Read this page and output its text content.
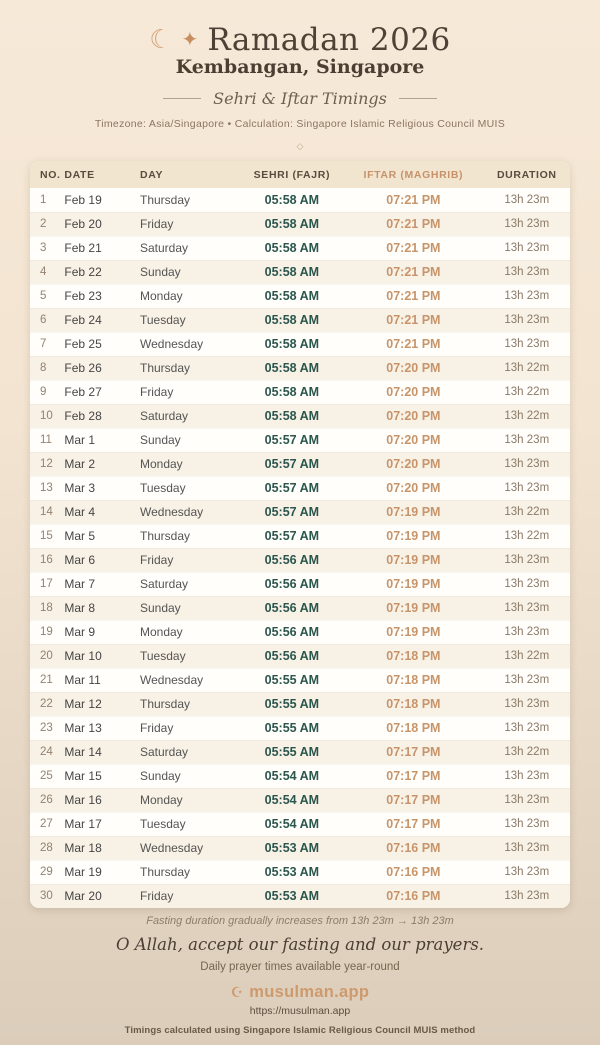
☾ ✦ Ramadan 2026
Kembangan, Singapore
Sehri & Iftar Timings
Timezone: Asia/Singapore • Calculation: Singapore Islamic Religious Council MUIS
◇
NO.	DATE	DAY	SEHRI (FAJR)	IFTAR (MAGHRIB)	DURATION
1	Feb 19	Thursday	05:58 AM	07:21 PM	13h 23m
2	Feb 20	Friday	05:58 AM	07:21 PM	13h 23m
3	Feb 21	Saturday	05:58 AM	07:21 PM	13h 23m
4	Feb 22	Sunday	05:58 AM	07:21 PM	13h 23m
5	Feb 23	Monday	05:58 AM	07:21 PM	13h 23m
6	Feb 24	Tuesday	05:58 AM	07:21 PM	13h 23m
7	Feb 25	Wednesday	05:58 AM	07:21 PM	13h 23m
8	Feb 26	Thursday	05:58 AM	07:20 PM	13h 22m
9	Feb 27	Friday	05:58 AM	07:20 PM	13h 22m
10	Feb 28	Saturday	05:58 AM	07:20 PM	13h 22m
11	Mar 1	Sunday	05:57 AM	07:20 PM	13h 23m
12	Mar 2	Monday	05:57 AM	07:20 PM	13h 23m
13	Mar 3	Tuesday	05:57 AM	07:20 PM	13h 23m
14	Mar 4	Wednesday	05:57 AM	07:19 PM	13h 22m
15	Mar 5	Thursday	05:57 AM	07:19 PM	13h 22m
16	Mar 6	Friday	05:56 AM	07:19 PM	13h 23m
17	Mar 7	Saturday	05:56 AM	07:19 PM	13h 23m
18	Mar 8	Sunday	05:56 AM	07:19 PM	13h 23m
19	Mar 9	Monday	05:56 AM	07:19 PM	13h 23m
20	Mar 10	Tuesday	05:56 AM	07:18 PM	13h 22m
21	Mar 11	Wednesday	05:55 AM	07:18 PM	13h 23m
22	Mar 12	Thursday	05:55 AM	07:18 PM	13h 23m
23	Mar 13	Friday	05:55 AM	07:18 PM	13h 23m
24	Mar 14	Saturday	05:55 AM	07:17 PM	13h 22m
25	Mar 15	Sunday	05:54 AM	07:17 PM	13h 23m
26	Mar 16	Monday	05:54 AM	07:17 PM	13h 23m
27	Mar 17	Tuesday	05:54 AM	07:17 PM	13h 23m
28	Mar 18	Wednesday	05:53 AM	07:16 PM	13h 23m
29	Mar 19	Thursday	05:53 AM	07:16 PM	13h 23m
30	Mar 20	Friday	05:53 AM	07:16 PM	13h 23m
Fasting duration gradually increases from 13h 23m → 13h 23m
O Allah, accept our fasting and our prayers.
Daily prayer times available year-round
☪ musulman.app
https://musulman.app
Timings calculated using Singapore Islamic Religious Council MUIS method
